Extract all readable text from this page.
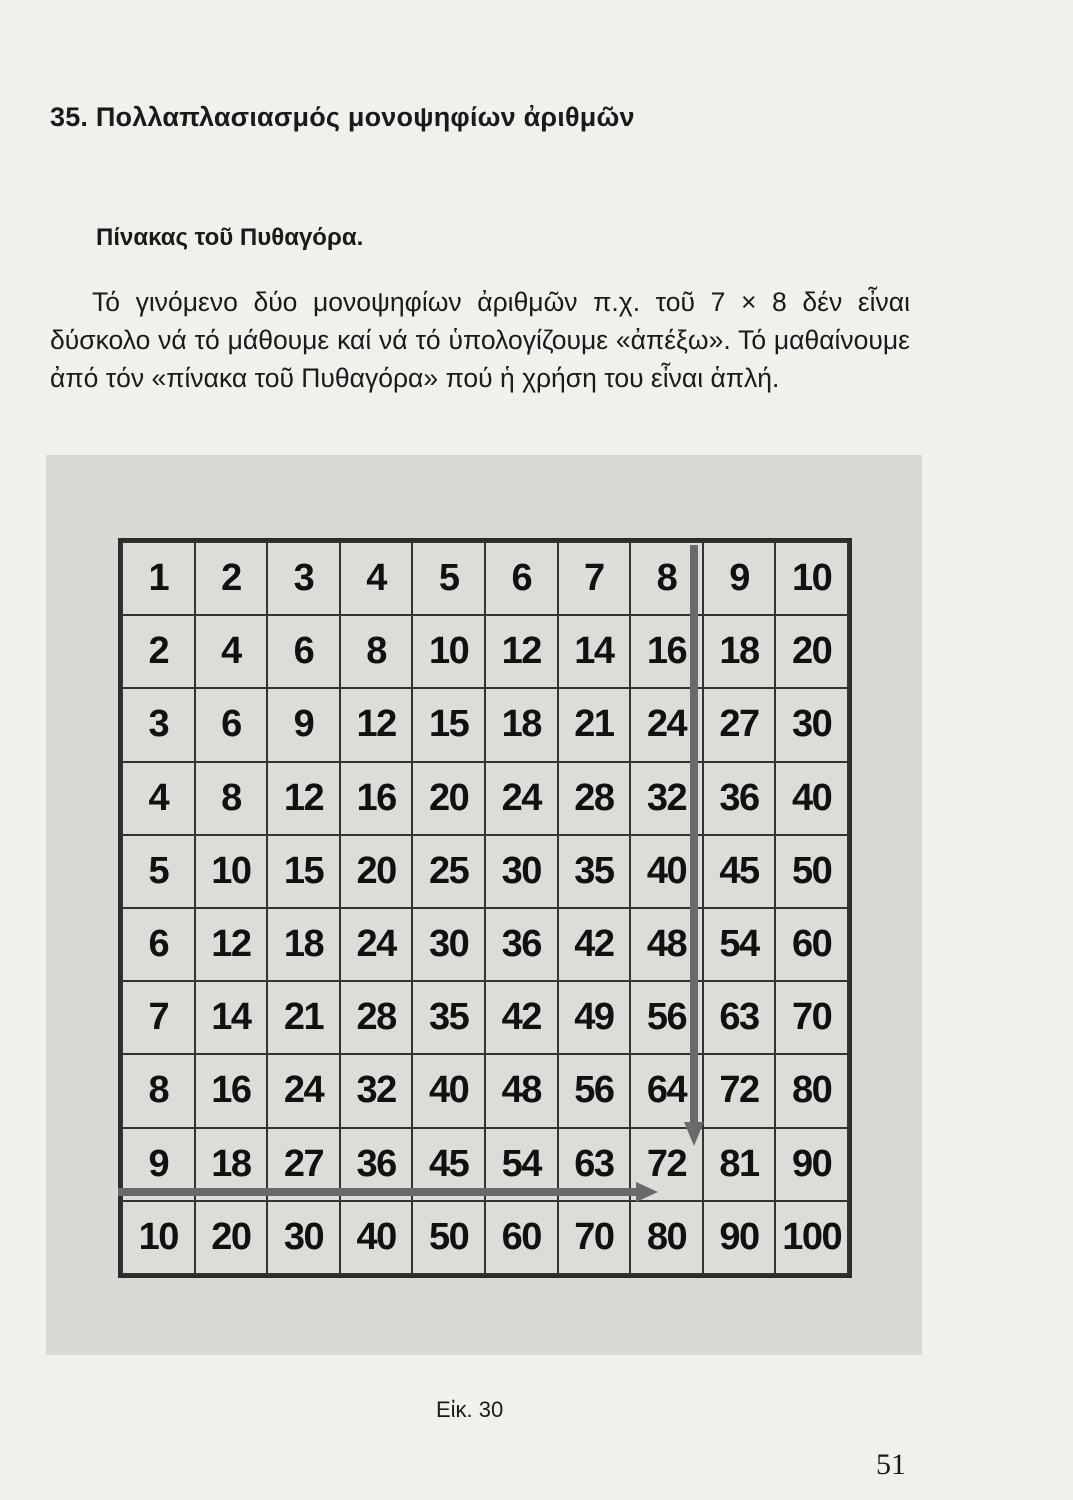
35. Πολλαπλασιασμός μονοψηφίων ἀριθμῶν
Πίνακας τοῦ Πυθαγόρα.

Τό γινόμενο δύο μονοψηφίων ἀριθμῶν π.χ. τοῦ 7 × 8 δέν εἶναι δύσκολο νά τό μάθουμε καί νά τό ὑπολογίζουμε «ἀπέξω». Τό μαθαίνουμε ἀπό τόν «πίνακα τοῦ Πυθαγόρα» πού ἡ χρήση του εἶναι ἁπλή.

1	2	3	4	5	6	7	8	9	10
2	4	6	8	10	12	14	16	18	20
3	6	9	12	15	18	21	24	27	30
4	8	12	16	20	24	28	32	36	40
5	10	15	20	25	30	35	40	45	50
6	12	18	24	30	36	42	48	54	60
7	14	21	28	35	42	49	56	63	70
8	16	24	32	40	48	56	64	72	80
9	18	27	36	45	54	63	72	81	90
10	20	30	40	50	60	70	80	90	100

Εἰκ. 30

51
